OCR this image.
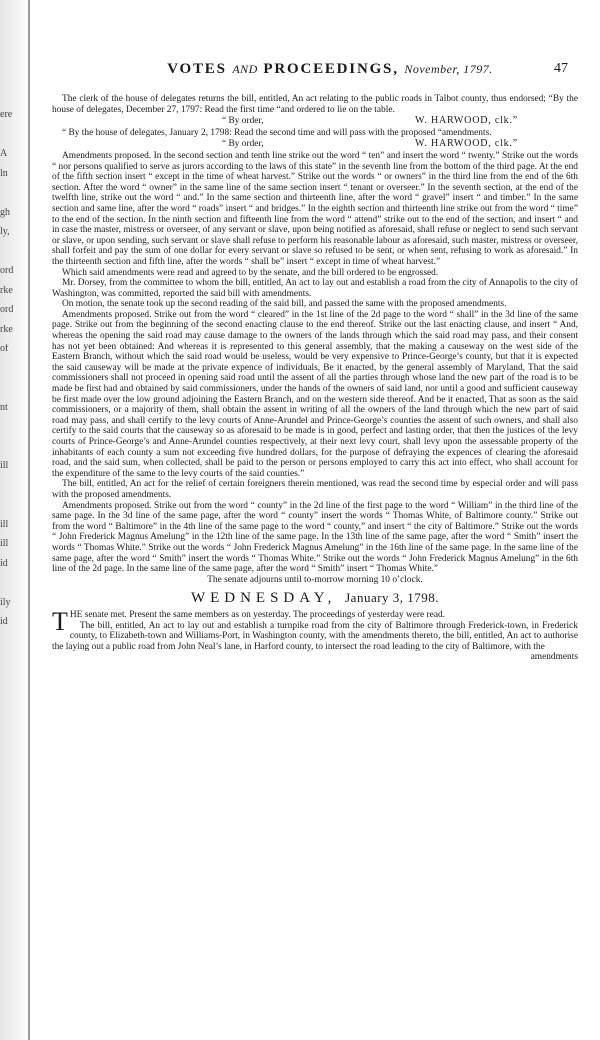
ere
A
ln
gh
ly,
ord
rke
ord
rke
of
nt
ill
ill
ill
id
ily
id
VOTES AND PROCEEDINGS, November, 1797.	47

The clerk of the house of delegates returns the bill, entitled, An act relating to the public roads in Talbot county, thus endorsed; “By the house of delegates, December 27, 1797: Read the first time “and ordered to lie on the table.

“ By order,	W. HARWOOD, clk.”

“ By the house of delegates, January 2, 1798: Read the second time and will pass with the proposed “amendments.

“ By order,	W. HARWOOD, clk.”

Amendments proposed. In the second section and tenth line strike out the word “ ten” and insert the word “ twenty.” Strike out the words “ nor persons qualified to serve as jurors according to the laws of this state” in the seventh line from the bottom of the third page. At the end of the fifth section insert “ except in the time of wheat harvest.” Strike out the words “ or owners” in the third line from the end of the 6th section. After the word “ owner” in the same line of the same section insert “ tenant or overseer.” In the seventh section, at the end of the twelfth line, strike out the word “ and.” In the same section and thirteenth line, after the word “ gravel” insert “ and timber.” In the same section and same line, after the word “ roads” insert “ and bridges.” In the eighth section and thirteenth line strike out from the word “ time” to the end of the section. In the ninth section and fifteenth line from the word “ attend” strike out to the end of the section, and insert “ and in case the master, mistress or overseer, of any servant or slave, upon being notified as aforesaid, shall refuse or neglect to send such servant or slave, or upon sending, such servant or slave shall refuse to perform his reasonable labour as aforesaid, such master, mistress or overseer, shall forfeit and pay the sum of one dollar for every servant or slave so refused to be sent, or when sent, refusing to work as aforesaid.” In the thirteenth section and fifth line, after the words “ shall be” insert “ except in time of wheat harvest.”

Which said amendments were read and agreed to by the senate, and the bill ordered to be engrossed.

Mr. Dorsey, from the committee to whom the bill, entitled, An act to lay out and establish a road from the city of Annapolis to the city of Washington, was committed, reported the said bill with amendments.

On motion, the senate took up the second reading of the said bill, and passed the same with the proposed amendments.

Amendments proposed. Strike out from the word “ cleared” in the 1st line of the 2d page to the word “ shall” in the 3d line of the same page. Strike out from the beginning of the second enacting clause to the end thereof. Strike out the last enacting clause, and insert “ And, whereas the opening the said road may cause damage to the owners of the lands through which the said road may pass, and their consent has not yet been obtained: And whereas it is represented to this general assembly, that the making a causeway on the west side of the Eastern Branch, without which the said road would be useless, would be very expensive to Prince-George’s county, but that it is expected the said causeway will be made at the private expence of individuals, Be it enacted, by the general assembly of Maryland, That the said commissioners shall not proceed in opening said road until the assent of all the parties through whose land the new part of the road is to be made be first had and obtained by said commissioners, under the hands of the owners of said land, nor until a good and sufficient causeway be first made over the low ground adjoining the Eastern Branch, and on the western side thereof. And be it enacted, That as soon as the said commissioners, or a majority of them, shall obtain the assent in writing of all the owners of the land through which the new part of said road may pass, and shall certify to the levy courts of Anne-Arundel and Prince-George’s counties the assent of such owners, and shall also certify to the said courts that the causeway so as aforesaid to be made is in good, perfect and lasting order, that then the justices of the levy courts of Prince-George’s and Anne-Arundel counties respectively, at their next levy court, shall levy upon the assessable property of the inhabitants of each county a sum not exceeding five hundred dollars, for the purpose of defraying the expences of clearing the aforesaid road, and the said sum, when collected, shall be paid to the person or persons employed to carry this act into effect, who shall account for the expenditure of the same to the levy courts of the said counties.”

The bill, entitled, An act for the relief of certain foreigners therein mentioned, was read the second time by especial order and will pass with the proposed amendments.

Amendments proposed. Strike out from the word “ county” in the 2d line of the first page to the word “ William” in the third line of the same page. In the 3d line of the same page, after the word “ county” insert the words “ Thomas White, of Baltimore county.” Strike out from the word “ Baltimore” in the 4th line of the same page to the word “ county,” and insert “ the city of Baltimore.” Strike out the words “ John Frederick Magnus Amelung” in the 12th line of the same page. In the 13th line of the same page, after the word “ Smith” insert the words “ Thomas White.” Strike out the words “ John Frederick Magnus Amelung” in the 16th line of the same page. In the same line of the same page, after the word “ Smith” insert the words “ Thomas White.” Strike out the words “ John Frederick Magnus Amelung” in the 6th line of the 2d page. In the same line of the same page, after the word “ Smith” insert “ Thomas White.”

The senate adjourns until to-morrow morning 10 o’clock.

WEDNESDAY, January 3, 1798.

THE senate met. Present the same members as on yesterday. The proceedings of yesterday were read.

The bill, entitled, An act to lay out and establish a turnpike road from the city of Baltimore through Frederick-town, in Frederick county, to Elizabeth-town and Williams-Port, in Washington county, with the amendments thereto, the bill, entitled, An act to authorise the laying out a public road from John Neal’s lane, in Harford county, to intersect the road leading to the city of Baltimore, with the

amendments
